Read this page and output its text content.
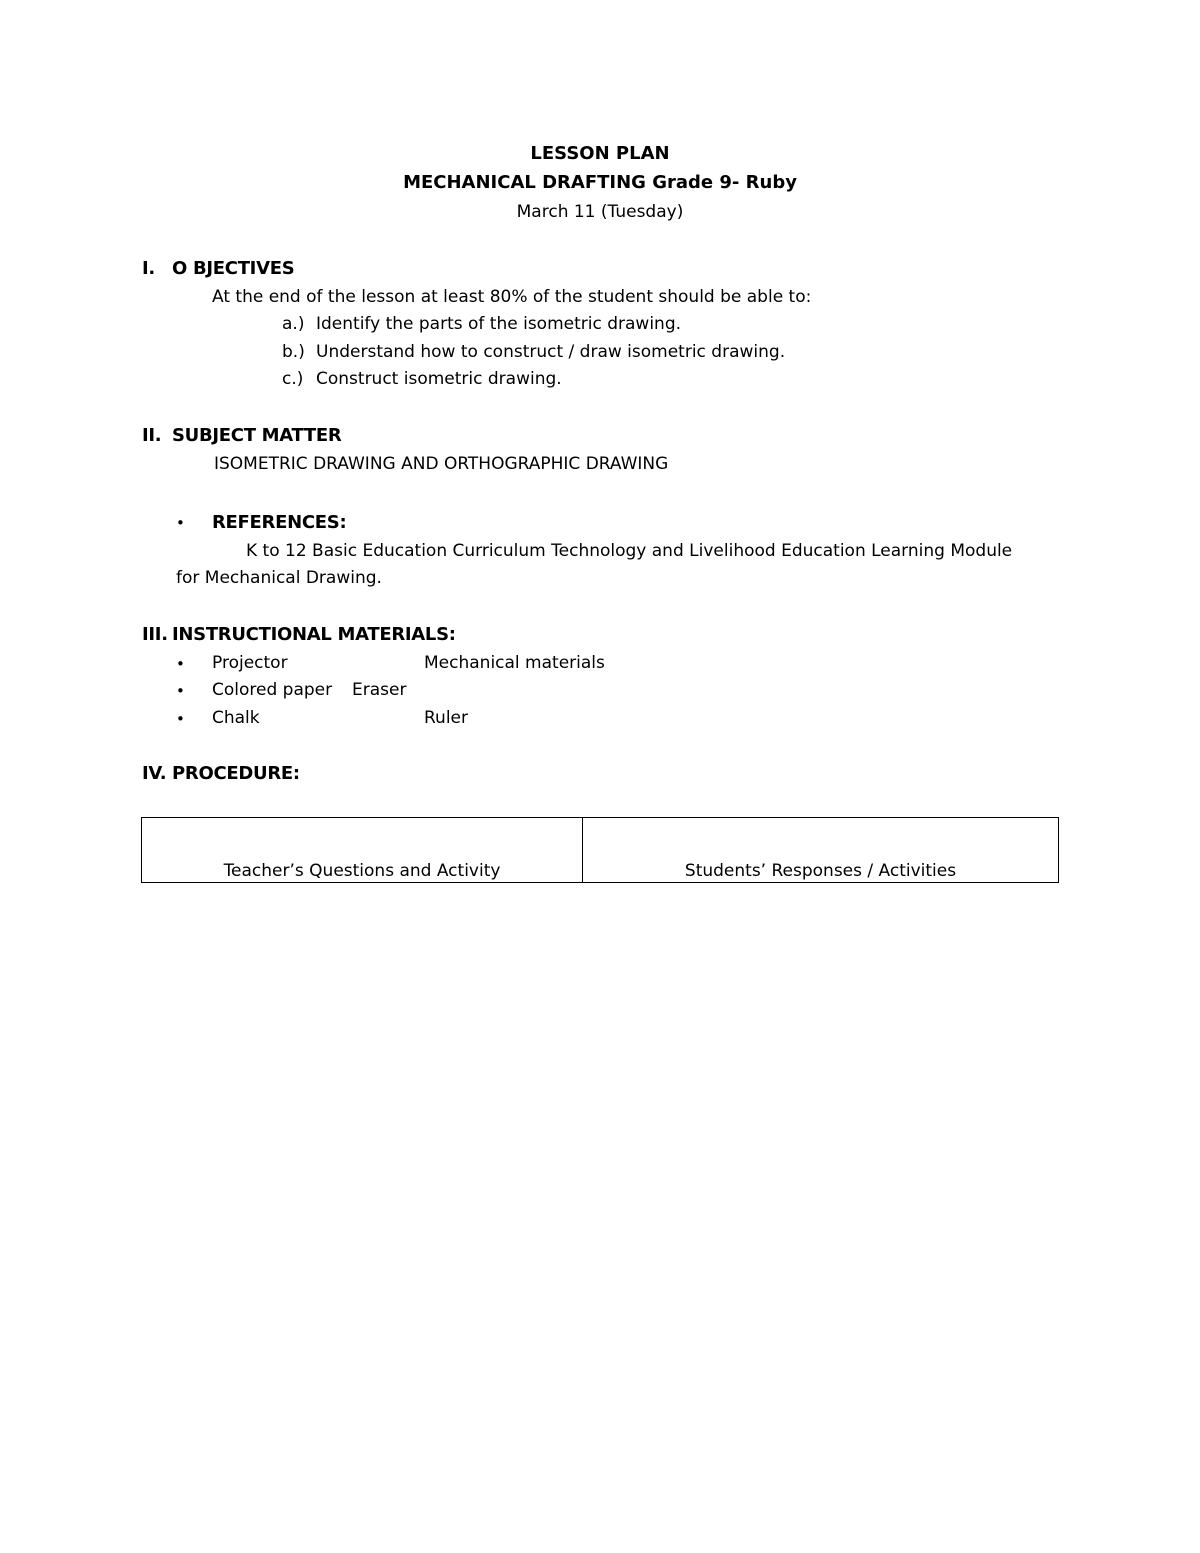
LESSON PLAN
MECHANICAL DRAFTING Grade 9- Ruby
March 11 (Tuesday)
I. O BJECTIVES
At the end of the lesson at least 80% of the student should be able to:
a.) Identify the parts of the isometric drawing.
b.) Understand how to construct / draw isometric drawing.
c.) Construct isometric drawing.
II. SUBJECT MATTER
ISOMETRIC DRAWING AND ORTHOGRAPHIC DRAWING
• REFERENCES:
K to 12 Basic Education Curriculum Technology and Livelihood Education Learning Module
for Mechanical Drawing.
III. INSTRUCTIONAL MATERIALS:
• Projector	Mechanical materials
• Colored paper Eraser
• Chalk	Ruler
IV. PROCEDURE:
Teacher’s Questions and Activity	Students’ Responses / Activities
